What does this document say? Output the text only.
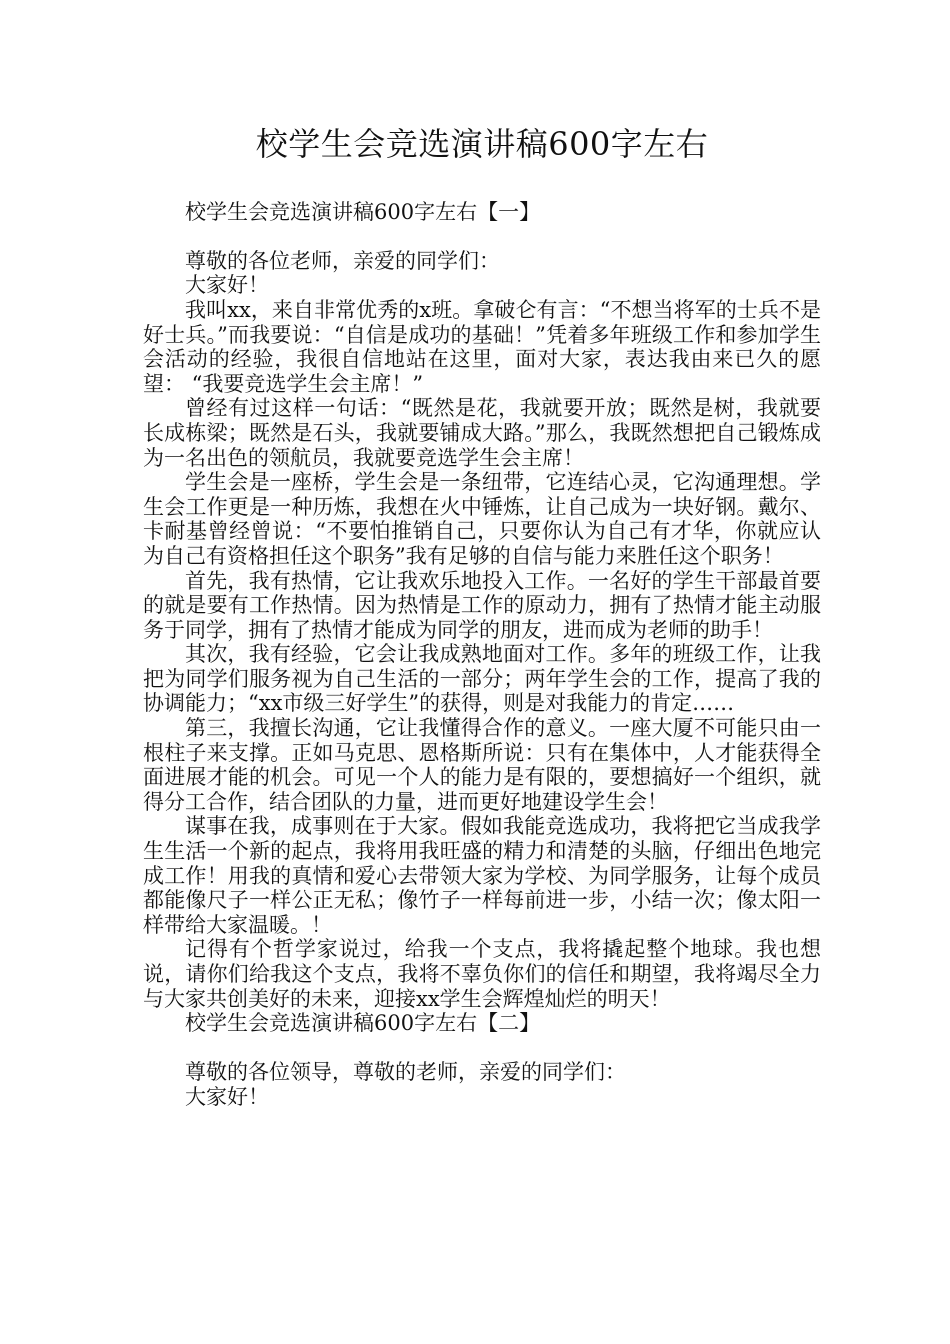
校学生会竞选演讲稿600字左右

校学生会竞选演讲稿600字左右【一】

尊敬的各位老师，亲爱的同学们：

大家好！

我叫xx，来自非常优秀的x班。拿破仑有言：“不想当将军的士兵不是好士兵。”而我要说：“自信是成功的基础！”凭着多年班级工作和参加学生会活动的经验，我很自信地站在这里，面对大家，表达我由来已久的愿望： “我要竞选学生会主席！”

曾经有过这样一句话：“既然是花，我就要开放；既然是树，我就要长成栋梁；既然是石头，我就要铺成大路。”那么，我既然想把自己锻炼成为一名出色的领航员，我就要竞选学生会主席！

学生会是一座桥，学生会是一条纽带，它连结心灵，它沟通理想。学生会工作更是一种历炼，我想在火中锤炼，让自己成为一块好钢。戴尔、卡耐基曾经曾说：“不要怕推销自己，只要你认为自己有才华，你就应认为自己有资格担任这个职务”我有足够的自信与能力来胜任这个职务！

首先，我有热情，它让我欢乐地投入工作。一名好的学生干部最首要的就是要有工作热情。因为热情是工作的原动力，拥有了热情才能主动服务于同学，拥有了热情才能成为同学的朋友，进而成为老师的助手！

其次，我有经验，它会让我成熟地面对工作。多年的班级工作，让我把为同学们服务视为自己生活的一部分；两年学生会的工作，提高了我的协调能力；“xx市级三好学生”的获得，则是对我能力的肯定……

第三，我擅长沟通，它让我懂得合作的意义。一座大厦不可能只由一根柱子来支撑。正如马克思、恩格斯所说：只有在集体中，人才能获得全面进展才能的机会。可见一个人的能力是有限的，要想搞好一个组织，就得分工合作，结合团队的力量，进而更好地建设学生会！

谋事在我，成事则在于大家。假如我能竞选成功，我将把它当成我学生生活一个新的起点，我将用我旺盛的精力和清楚的头脑，仔细出色地完成工作！用我的真情和爱心去带领大家为学校、为同学服务，让每个成员都能像尺子一样公正无私；像竹子一样每前进一步，小结一次；像太阳一样带给大家温暖。！

记得有个哲学家说过，给我一个支点，我将撬起整个地球。我也想说，请你们给我这个支点，我将不辜负你们的信任和期望，我将竭尽全力与大家共创美好的未来，迎接xx学生会辉煌灿烂的明天！

校学生会竞选演讲稿600字左右【二】

尊敬的各位领导，尊敬的老师，亲爱的同学们：

大家好！
